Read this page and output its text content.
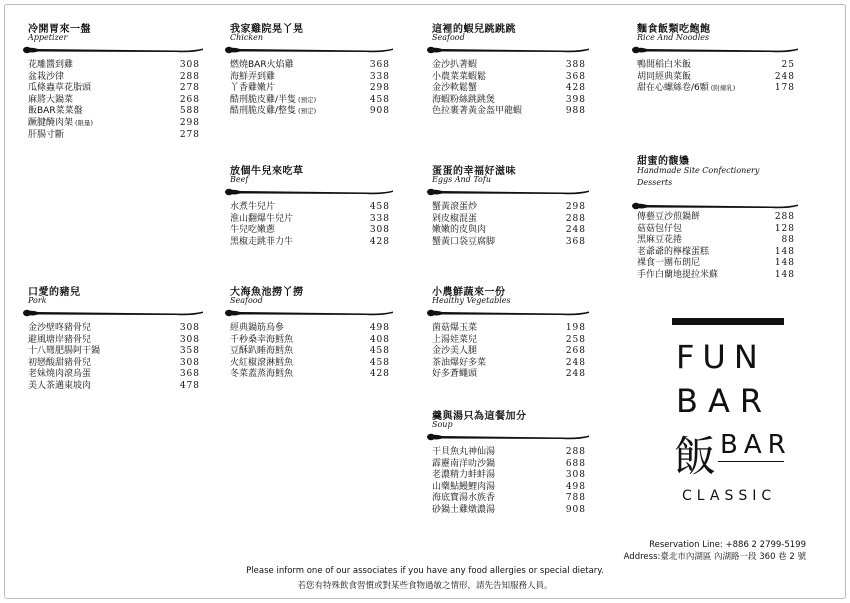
冷開胃來一盤
Appetizer
花雕醬到雞	308
盆栽沙律	288
瓜條蟲草花脂頭	278
麻將大鍋菜	268
飯BAR菜菜盤	588
蹶腱醃肉架 (限量)	298
肝腸寸斷	278
我家雞院晃丫晃
Chicken
燃燒BAR火焰雞	368
海鮮弄到雞	338
丫香雞嫩片	298
酷刑脆皮雞/半隻 (預定)	458
酷刑脆皮雞/整隻 (預定)	908
這裡的蝦兒跳跳跳
Seafood
金沙扒著蝦	388
小農菜菜蝦鬆	368
金沙軟鬆蟹	428
海蝦粉絲跳跳煲	398
色拉裹著黃金盔甲龍蝦	988
麵食飯類吃飽飽
Rice And Noodles
鴨間稻白米飯	25
胡同經典菜飯	248
甜在心螺絲卷/6顆 (附煉乳)	178
放個牛兒來吃草
Beef
水煮牛兒片	458
淮山翻爆牛兒片	338
牛兒吃嫩蔥	308
黑椒走跳菲力牛	428
蛋蛋的幸福好滋味
Eggs And Tofu
蟹黃滾蛋炒	298
剁皮椒混蛋	288
嫩嫩的皮與肉	248
蟹黃口袋豆腐脚	368
甜蜜的馥嬝
Handmade Site Confectionery Desserts
傳藝豆沙煎鍋餅	288
菇菇包仔包	128
黑麻豆花捲	88
老爺爺的檸檬蛋糕	148
裸食一團布朗尼	148
手作白蘭地提拉米蘇	148
口愛的豬兒
Pork
金沙壁咚豬骨兒	308
避風塘岸豬骨兒	308
十八彎肥腸阿干鍋	358
初戀酸甜豬骨兒	308
老妹燒肉滾烏蛋	368
美人茶邁東坡肉	478
大海魚池撈丫撈
Seafood
經典鍋筋烏參	498
千秒桑幸海鱈魚	408
豆酥趴睡海鱈魚	458
火紅椒滾淋鱈魚	458
冬菜蓋蒸海鱈魚	428
小農鮮蔬來一份
Healthy Vegetables
菌菇爆玉菜	198
上湯娃菜兒	258
金沙美人腿	268
茶油爆好多菜	248
好多蒼蠅頭	248
羹與湯只為這餐加分
Soup
干貝魚丸神仙湯	288
霹靂南洋叻沙鍋	688
老濃精力蚌蚌湯	308
山藥鮎鰻鯉肉湯	498
海底寶湯水族香	788
砂鍋土雞燉濃湯	908
FUN
BAR
飯 BAR
CLASSIC
Reservation Line: +886 2 2799-5199
Address:臺北市內湖區 內湖路一段 360 巷 2 號
Please inform one of our associates if you have any food allergies or special dietary.
若您有特殊飲食習慣或對某些食物過敏之情形，請先告知服務人員。
